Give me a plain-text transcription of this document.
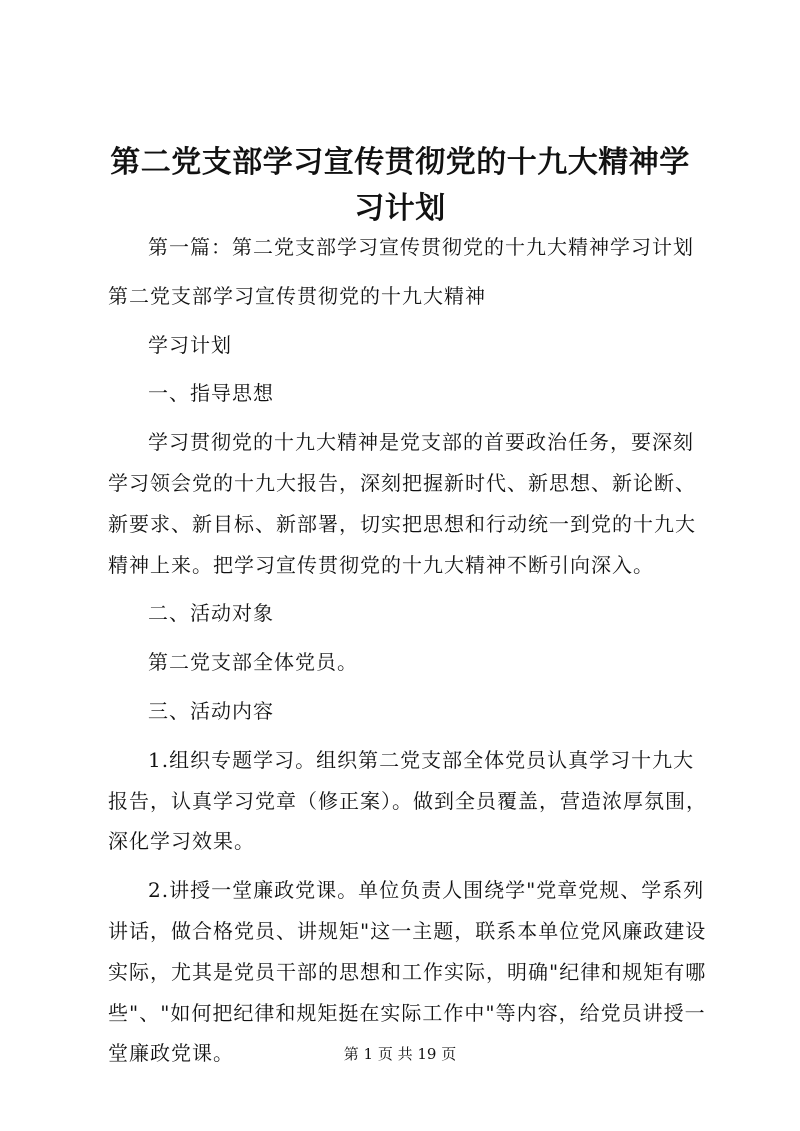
第二党支部学习宣传贯彻党的十九大精神学习计划

第一篇：第二党支部学习宣传贯彻党的十九大精神学习计划

第二党支部学习宣传贯彻党的十九大精神

学习计划

一、指导思想

学习贯彻党的十九大精神是党支部的首要政治任务，要深刻学习领会党的十九大报告，深刻把握新时代、新思想、新论断、新要求、新目标、新部署，切实把思想和行动统一到党的十九大精神上来。把学习宣传贯彻党的十九大精神不断引向深入。

二、活动对象

第二党支部全体党员。

三、活动内容

1.组织专题学习。组织第二党支部全体党员认真学习十九大报告，认真学习党章（修正案）。做到全员覆盖，营造浓厚氛围，深化学习效果。

2.讲授一堂廉政党课。单位负责人围绕学"党章党规、学系列讲话，做合格党员、讲规矩"这一主题，联系本单位党风廉政建设实际，尤其是党员干部的思想和工作实际，明确"纪律和规矩有哪些"、"如何把纪律和规矩挺在实际工作中"等内容，给党员讲授一堂廉政党课。	第 1 页 共 19 页
